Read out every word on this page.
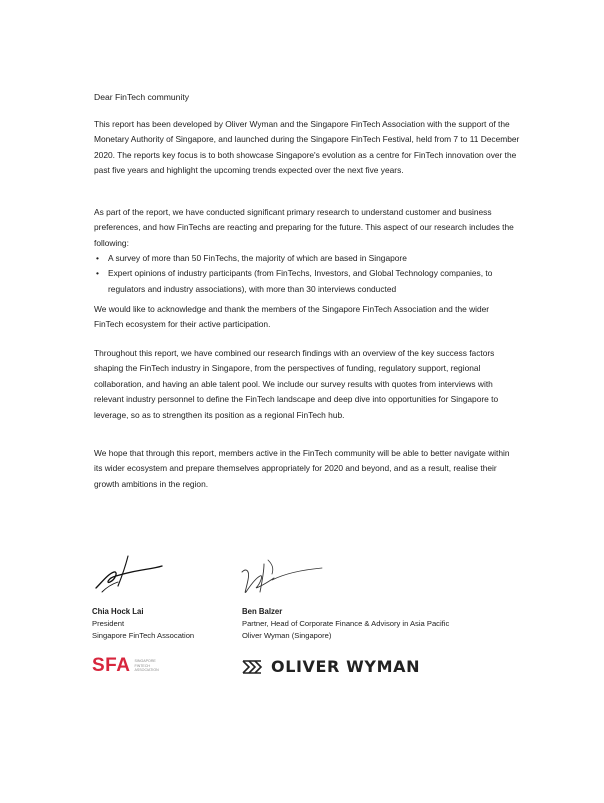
Dear FinTech community

This report has been developed by Oliver Wyman and the Singapore FinTech Association with the support of the Monetary Authority of Singapore, and launched during the Singapore FinTech Festival, held from 7 to 11 December 2020. The reports key focus is to both showcase Singapore's evolution as a centre for FinTech innovation over the past five years and highlight the upcoming trends expected over the next five years.

As part of the report, we have conducted significant primary research to understand customer and business preferences, and how FinTechs are reacting and preparing for the future. This aspect of our research includes the following:

• A survey of more than 50 FinTechs, the majority of which are based in Singapore
• Expert opinions of industry participants (from FinTechs, Investors, and Global Technology companies, to regulators and industry associations), with more than 30 interviews conducted

We would like to acknowledge and thank the members of the Singapore FinTech Association and the wider FinTech ecosystem for their active participation.

Throughout this report, we have combined our research findings with an overview of the key success factors shaping the FinTech industry in Singapore, from the perspectives of funding, regulatory support, regional collaboration, and having an able talent pool. We include our survey results with quotes from interviews with relevant industry personnel to define the FinTech landscape and deep dive into opportunities for Singapore to leverage, so as to strengthen its position as a regional FinTech hub.

We hope that through this report, members active in the FinTech community will be able to better navigate within its wider ecosystem and prepare themselves appropriately for 2020 and beyond, and as a result, realise their growth ambitions in the region.

Chia Hock Lai
President
Singapore FinTech Assocation
Ben Balzer
Partner, Head of Corporate Finance & Advisory in Asia Pacific
Oliver Wyman (Singapore)
SFA SINGAPORE
FINTECH
ASSOCIATION	OLIVER WYMAN
